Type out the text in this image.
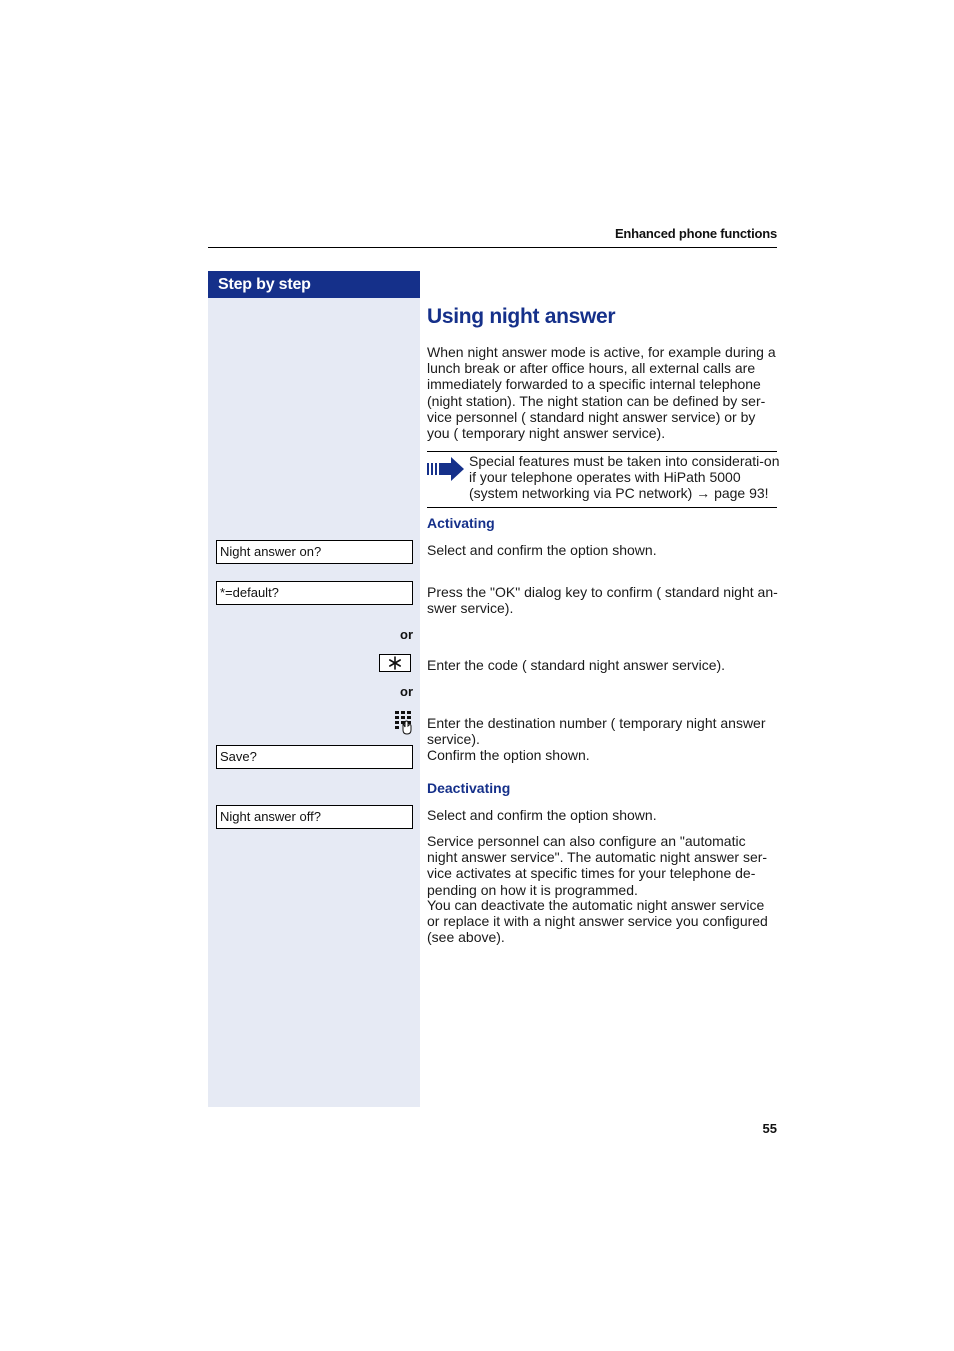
Enhanced phone functions
Step by step
Using night answer
When night answer mode is active, for example during a lunch break or after office hours, all external calls are immediately forwarded to a specific internal telephone (night station). The night station can be defined by ser-vice personnel ( standard night answer service) or by you ( temporary night answer service).
Special features must be taken into considerati-on if your telephone operates with HiPath 5000 (system networking via PC network) → page 93!
Activating
Night answer on?	Select and confirm the option shown.
*=default?	Press the "OK" dialog key to confirm ( standard night an-swer service).
or
Enter the code ( standard night answer service).
or
Enter the destination number ( temporary night answer service).
Save?	Confirm the option shown.
Deactivating
Night answer off?	Select and confirm the option shown.
Service personnel can also configure an "automatic night answer service". The automatic night answer ser-vice activates at specific times for your telephone de-pending on how it is programmed.
You can deactivate the automatic night answer service or replace it with a night answer service you configured (see above).
55
